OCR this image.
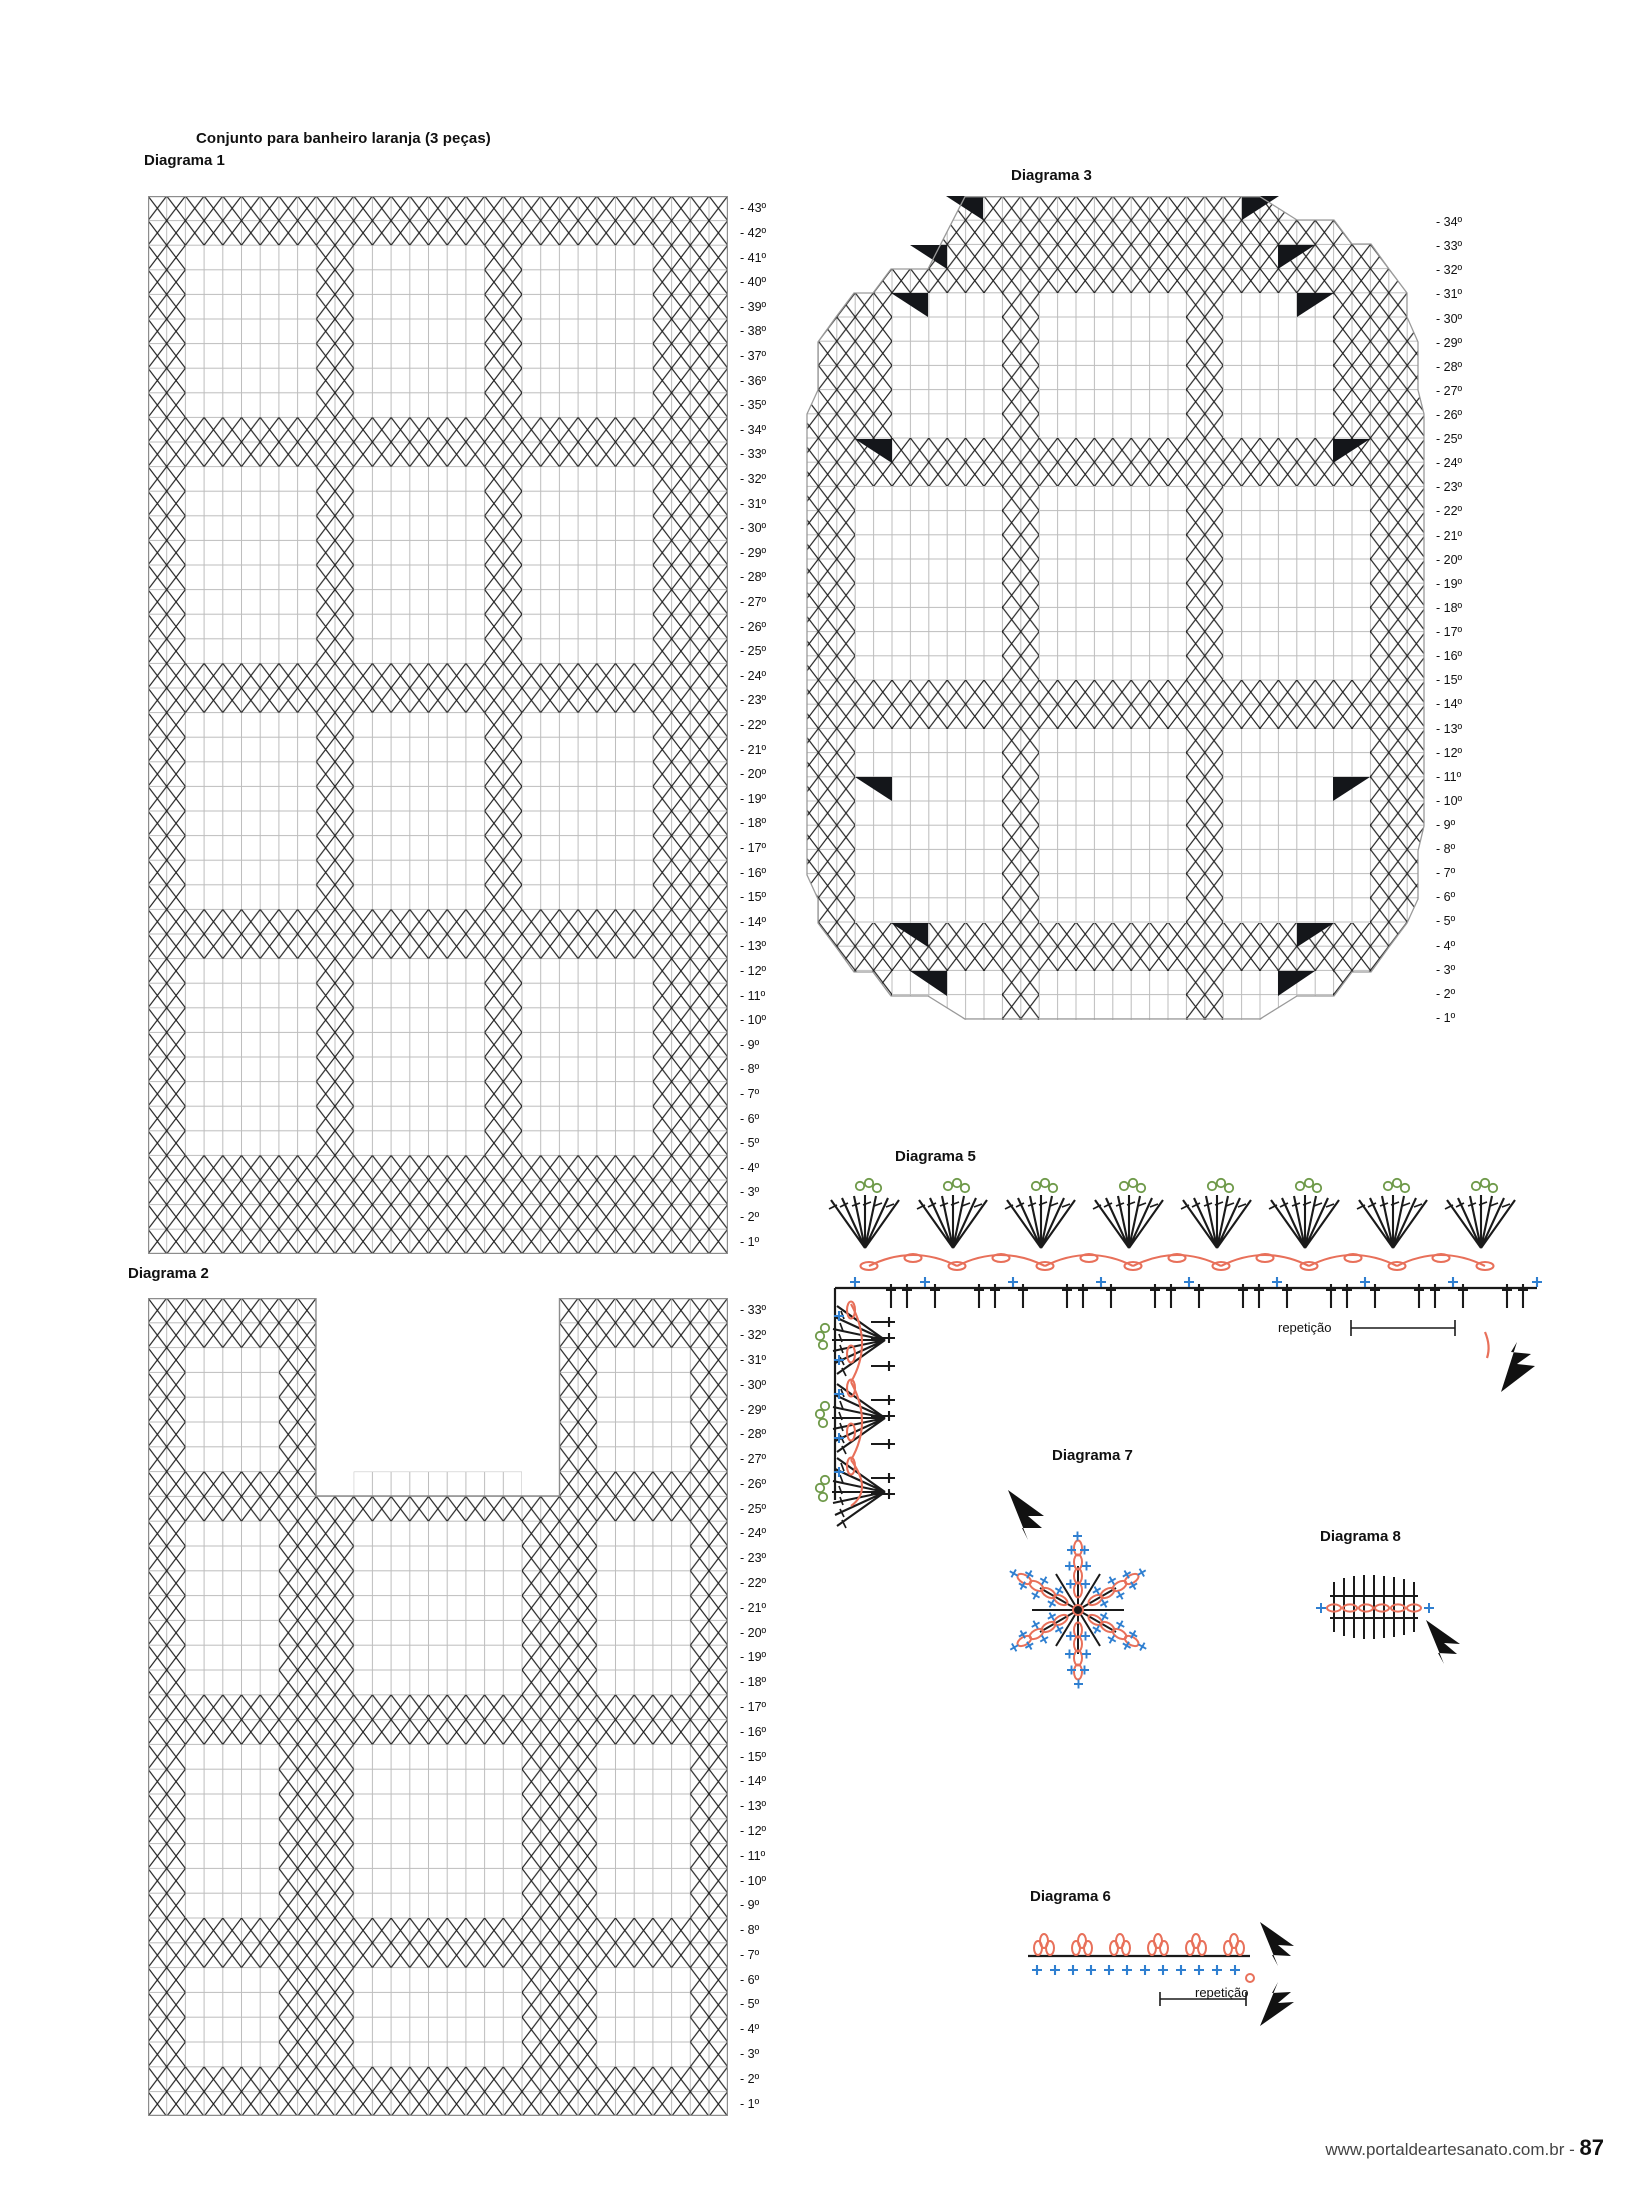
Conjunto para banheiro laranja (3 peças)
Diagrama 1
Diagrama 2
Diagrama 3
Diagrama 5
Diagrama 7
Diagrama 8
Diagrama 6
- 43º
- 42º
- 41º
- 40º
- 39º
- 38º
- 37º
- 36º
- 35º
- 34º
- 33º
- 32º
- 31º
- 30º
- 29º
- 28º
- 27º
- 26º
- 25º
- 24º
- 23º
- 22º
- 21º
- 20º
- 19º
- 18º
- 17º
- 16º
- 15º
- 14º
- 13º
- 12º
- 11º
- 10º
- 9º
- 8º
- 7º
- 6º
- 5º
- 4º
- 3º
- 2º
- 1º
- 33º
- 32º
- 31º
- 30º
- 29º
- 28º
- 27º
- 26º
- 25º
- 24º
- 23º
- 22º
- 21º
- 20º
- 19º
- 18º
- 17º
- 16º
- 15º
- 14º
- 13º
- 12º
- 11º
- 10º
- 9º
- 8º
- 7º
- 6º
- 5º
- 4º
- 3º
- 2º
- 1º
- 34º
- 33º
- 32º
- 31º
- 30º
- 29º
- 28º
- 27º
- 26º
- 25º
- 24º
- 23º
- 22º
- 21º
- 20º
- 19º
- 18º
- 17º
- 16º
- 15º
- 14º
- 13º
- 12º
- 11º
- 10º
- 9º
- 8º
- 7º
- 6º
- 5º
- 4º
- 3º
- 2º
- 1º
repetição
repetição
www.portaldeartesanato.com.br - 87
